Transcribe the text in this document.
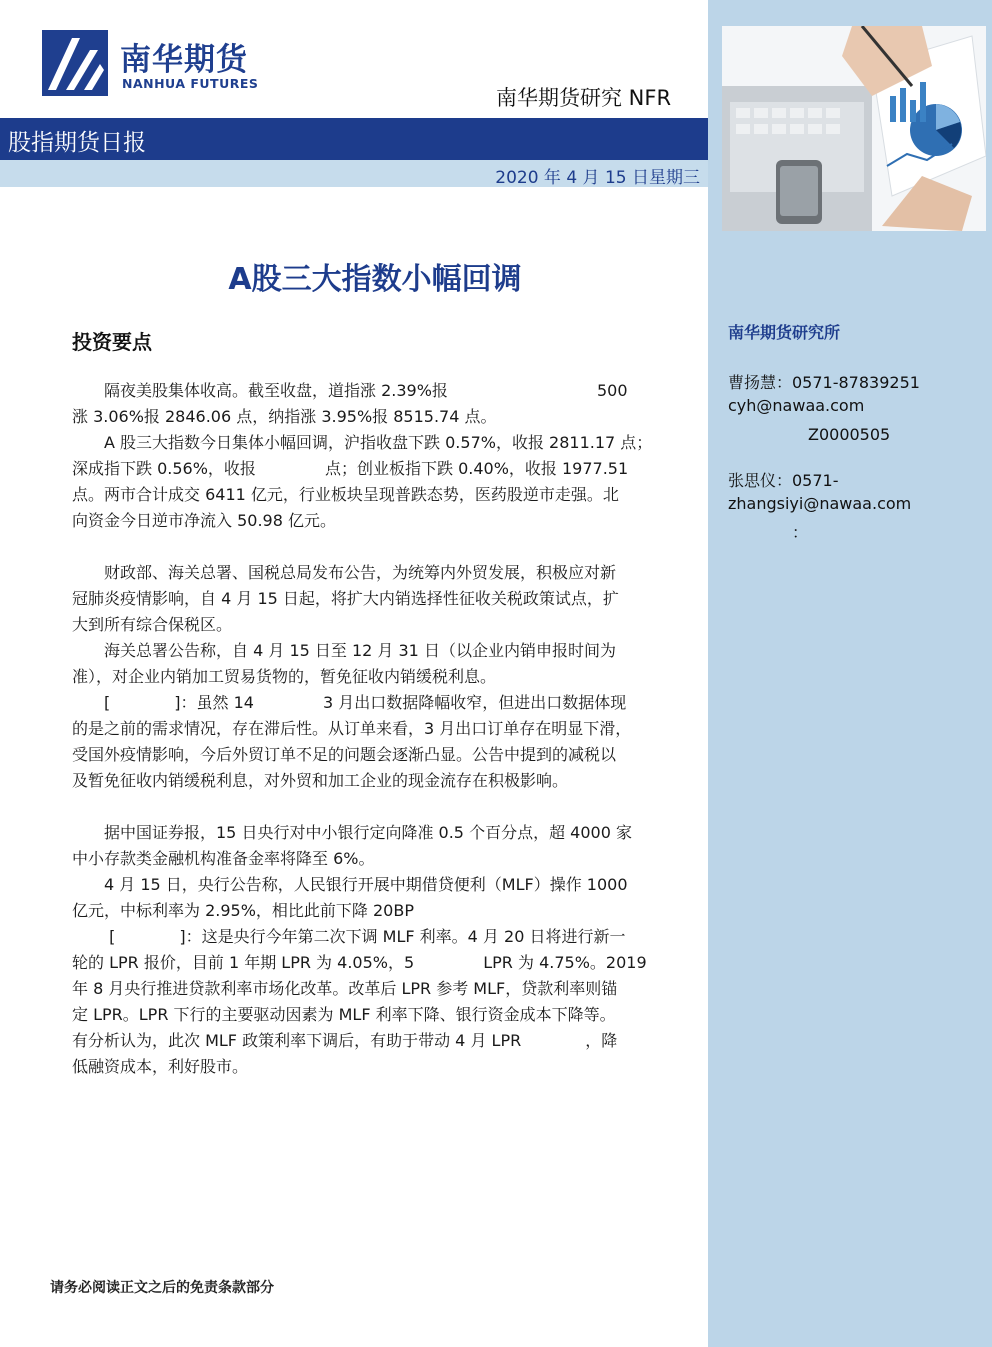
南华期货
NANHUA FUTURES
南华期货研究 NFR
股指期货日报
2020 年 4 月 15 日星期三
南华期货研究所
曹扬慧：0571-87839251
cyh@nawaa.com
　　　　　Z0000505
张思仪：0571-
zhangsiyi@nawaa.com
　　　　：
A股三大指数小幅回调
投资要点
　　隔夜美股集体收高。截至收盘，道指涨 2.39%报　　　　　　　　　 500
涨 3.06%报 2846.06 点，纳指涨 3.95%报 8515.74 点。
　　A 股三大指数今日集体小幅回调，沪指收盘下跌 0.57%，收报 2811.17 点；
深成指下跌 0.56%，收报　　　　 点；创业板指下跌 0.40%，收报 1977.51
点。两市合计成交 6411 亿元，行业板块呈现普跌态势，医药股逆市走强。北
向资金今日逆市净流入 50.98 亿元。
　　财政部、海关总署、国税总局发布公告，为统筹内外贸发展，积极应对新
冠肺炎疫情影响，自 4 月 15 日起，将扩大内销选择性征收关税政策试点，扩
大到所有综合保税区。
　　海关总署公告称，自 4 月 15 日至 12 月 31 日（以企业内销申报时间为
准），对企业内销加工贸易货物的，暂免征收内销缓税利息。
　　[　　　　]：虽然 14　　　　 3 月出口数据降幅收窄，但进出口数据体现
的是之前的需求情况，存在滞后性。从订单来看，3 月出口订单存在明显下滑，
受国外疫情影响，今后外贸订单不足的问题会逐渐凸显。公告中提到的减税以
及暂免征收内销缓税利息，对外贸和加工企业的现金流存在积极影响。
　　据中国证券报，15 日央行对中小银行定向降准 0.5 个百分点，超 4000 家
中小存款类金融机构准备金率将降至 6%。
　　4 月 15 日，央行公告称，人民银行开展中期借贷便利（MLF）操作 1000
亿元，中标利率为 2.95%，相比此前下降 20BP
　　 [　　　　]：这是央行今年第二次下调 MLF 利率。4 月 20 日将进行新一
轮的 LPR 报价，目前 1 年期 LPR 为 4.05%，5　　　　 LPR 为 4.75%。2019
年 8 月央行推进贷款利率市场化改革。改革后 LPR 参考 MLF，贷款利率则锚
定 LPR。LPR 下行的主要驱动因素为 MLF 利率下降、银行资金成本下降等。
有分析认为，此次 MLF 政策利率下调后，有助于带动 4 月 LPR　　　　，降
低融资成本，利好股市。
请务必阅读正文之后的免责条款部分
